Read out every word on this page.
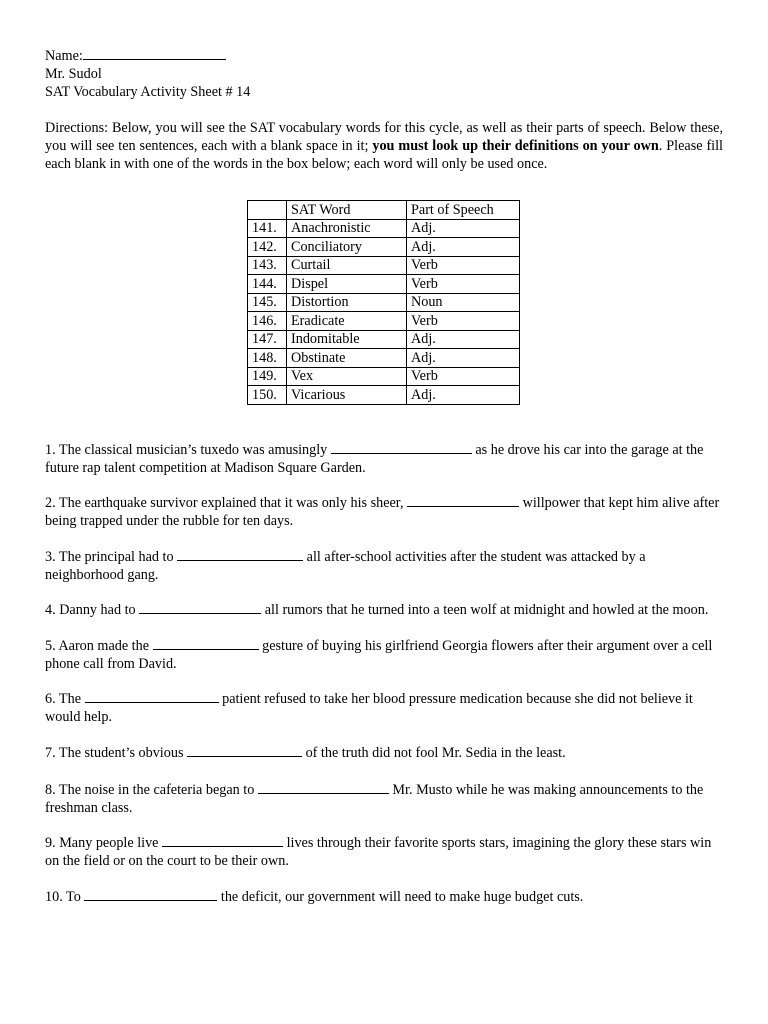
Name:
Mr. Sudol
SAT Vocabulary Activity Sheet # 14
Directions: Below, you will see the SAT vocabulary words for this cycle, as well as their parts of speech. Below these, you will see ten sentences, each with a blank space in it; you must look up their definitions on your own. Please fill each blank in with one of the words in the box below; each word will only be used once.
	SAT Word	Part of Speech
141.	Anachronistic	Adj.
142.	Conciliatory	Adj.
143.	Curtail	Verb
144.	Dispel	Verb
145.	Distortion	Noun
146.	Eradicate	Verb
147.	Indomitable	Adj.
148.	Obstinate	Adj.
149.	Vex	Verb
150.	Vicarious	Adj.
1. The classical musician’s tuxedo was amusingly	as he drove his car into the garage at the future rap talent competition at Madison Square Garden.
2. The earthquake survivor explained that it was only his sheer,	willpower that kept him alive after being trapped under the rubble for ten days.
3. The principal had to	all after-school activities after the student was attacked by a neighborhood gang.
4. Danny had to	all rumors that he turned into a teen wolf at midnight and howled at the moon.
5. Aaron made the	gesture of buying his girlfriend Georgia flowers after their argument over a cell phone call from David.
6. The	patient refused to take her blood pressure medication because she did not believe it would help.
7. The student’s obvious	of the truth did not fool Mr. Sedia in the least.
8. The noise in the cafeteria began to	Mr. Musto while he was making announcements to the freshman class.
9. Many people live	lives through their favorite sports stars, imagining the glory these stars win on the field or on the court to be their own.
10. To	the deficit, our government will need to make huge budget cuts.
